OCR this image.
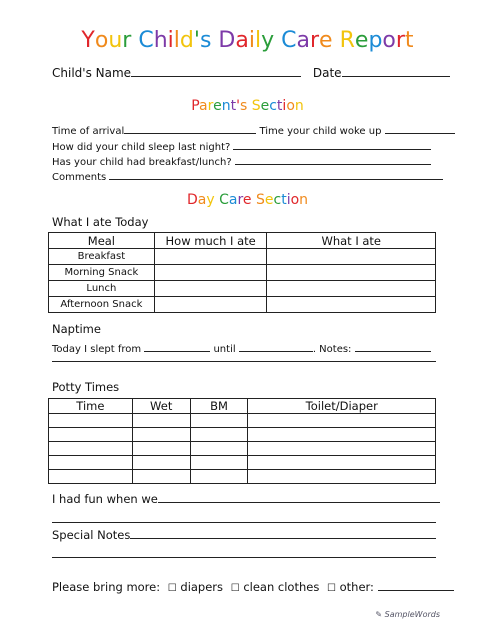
Your Child's Daily Care Report
Child's Name	Date
Parent's Section
Time of arrival	Time your child woke up
How did your child sleep last night?
Has your child had breakfast/lunch?
Comments
Day Care Section
What I ate Today
Meal	How much I ate	What I ate
Breakfast		
Morning Snack		
Lunch		
Afternoon Snack		
Naptime
Today I slept from	until	. Notes:
Potty Times
Time	Wet	BM	Toilet/Diaper

I had fun when we
Special Notes
Please bring more: ☐ diapers ☐ clean clothes ☐ other:
✎ SampleWords
